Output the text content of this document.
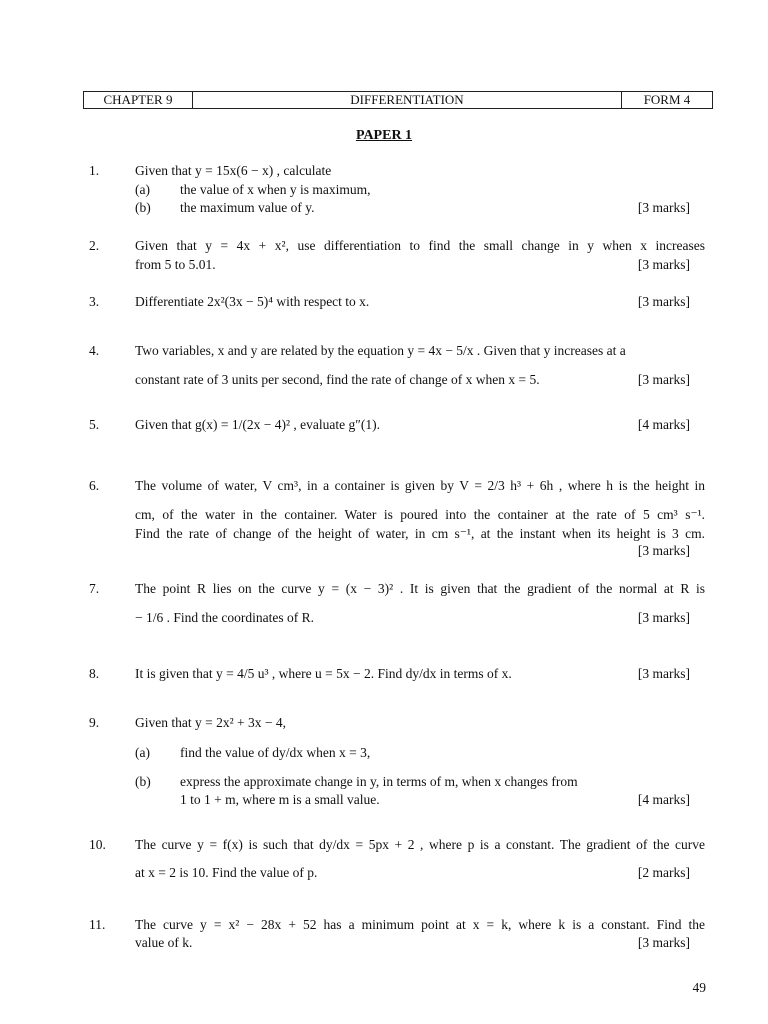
CHAPTER 9	DIFFERENTIATION	FORM 4
PAPER 1
1.	Given that y = 15x(6 − x) , calculate
(a) the value of x when y is maximum,
(b) the maximum value of y.	[3 marks]
2.	Given that y = 4x + x², use differentiation to find the small change in y when x increases
from 5 to 5.01.	[3 marks]
3.	Differentiate 2x²(3x − 5)⁴ with respect to x.	[3 marks]
4.	Two variables, x and y are related by the equation y = 4x − 5/x . Given that y increases at a
constant rate of 3 units per second, find the rate of change of x when x = 5.	[3 marks]
5.	Given that g(x) = 1/(2x − 4)² , evaluate g″(1).	[4 marks]
6.	The volume of water, V cm³, in a container is given by V = 2/3 h³ + 6h , where h is the height in
cm, of the water in the container. Water is poured into the container at the rate of 5 cm³ s⁻¹.
Find the rate of change of the height of water, in cm s⁻¹, at the instant when its height is 3 cm.
[3 marks]
7.	The point R lies on the curve y = (x − 3)² . It is given that the gradient of the normal at R is
− 1/6 . Find the coordinates of R.	[3 marks]
8.	It is given that y = 4/5 u³ , where u = 5x − 2. Find dy/dx in terms of x.	[3 marks]
9.	Given that y = 2x² + 3x − 4,
(a) find the value of dy/dx when x = 3,
(b) express the approximate change in y, in terms of m, when x changes from
1 to 1 + m, where m is a small value.	[4 marks]
10. The curve y = f(x) is such that dy/dx = 5px + 2 , where p is a constant. The gradient of the curve
at x = 2 is 10. Find the value of p.	[2 marks]
11. The curve y = x² − 28x + 52 has a minimum point at x = k, where k is a constant. Find the
value of k.	[3 marks]
49
